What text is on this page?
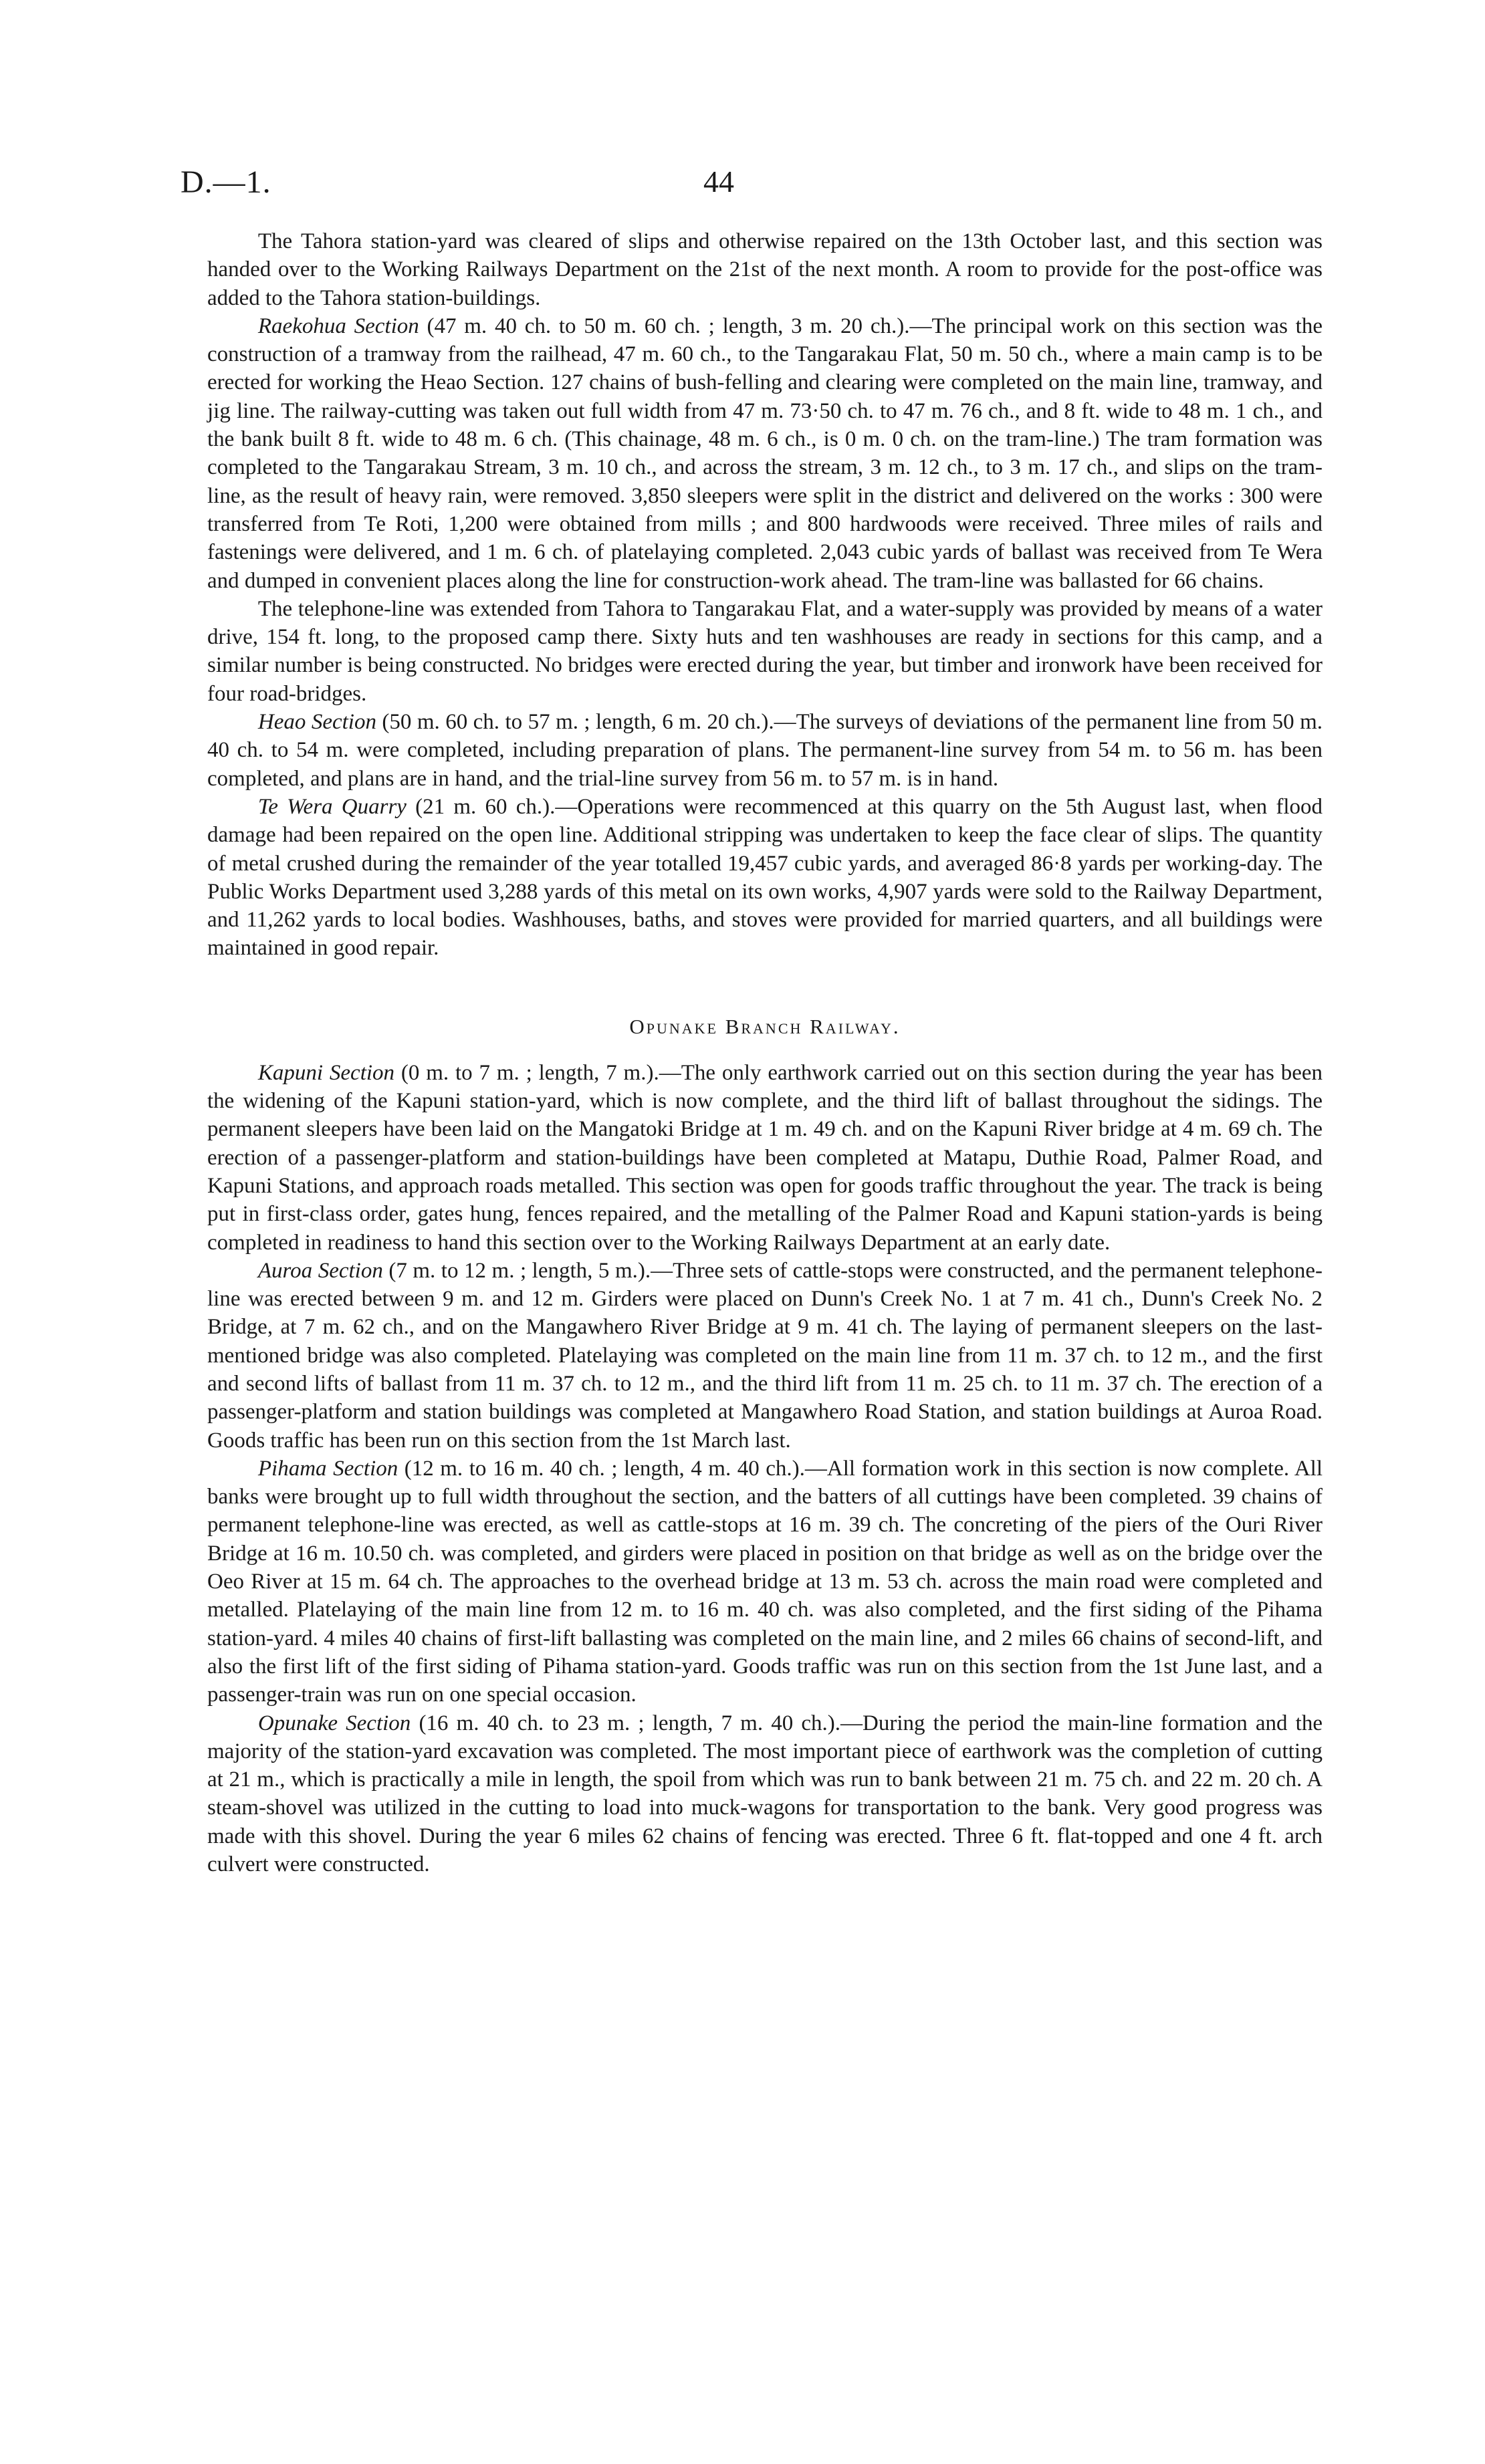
D.—1.	44

The Tahora station-yard was cleared of slips and otherwise repaired on the 13th October last, and this section was handed over to the Working Railways Department on the 21st of the next month. A room to provide for the post-office was added to the Tahora station-buildings.

Raekohua Section (47 m. 40 ch. to 50 m. 60 ch. ; length, 3 m. 20 ch.).—The principal work on this section was the construction of a tramway from the railhead, 47 m. 60 ch., to the Tangarakau Flat, 50 m. 50 ch., where a main camp is to be erected for working the Heao Section. 127 chains of bush-felling and clearing were completed on the main line, tramway, and jig line. The railway-cutting was taken out full width from 47 m. 73·50 ch. to 47 m. 76 ch., and 8 ft. wide to 48 m. 1 ch., and the bank built 8 ft. wide to 48 m. 6 ch. (This chainage, 48 m. 6 ch., is 0 m. 0 ch. on the tram-line.) The tram formation was completed to the Tangarakau Stream, 3 m. 10 ch., and across the stream, 3 m. 12 ch., to 3 m. 17 ch., and slips on the tram-line, as the result of heavy rain, were removed. 3,850 sleepers were split in the district and delivered on the works : 300 were transferred from Te Roti, 1,200 were obtained from mills ; and 800 hardwoods were received. Three miles of rails and fastenings were delivered, and 1 m. 6 ch. of platelaying completed. 2,043 cubic yards of ballast was received from Te Wera and dumped in convenient places along the line for construction-work ahead. The tram-line was ballasted for 66 chains.

The telephone-line was extended from Tahora to Tangarakau Flat, and a water-supply was provided by means of a water drive, 154 ft. long, to the proposed camp there. Sixty huts and ten washhouses are ready in sections for this camp, and a similar number is being constructed. No bridges were erected during the year, but timber and ironwork have been received for four road-bridges.

Heao Section (50 m. 60 ch. to 57 m. ; length, 6 m. 20 ch.).—The surveys of deviations of the permanent line from 50 m. 40 ch. to 54 m. were completed, including preparation of plans. The permanent-line survey from 54 m. to 56 m. has been completed, and plans are in hand, and the trial-line survey from 56 m. to 57 m. is in hand.

Te Wera Quarry (21 m. 60 ch.).—Operations were recommenced at this quarry on the 5th August last, when flood damage had been repaired on the open line. Additional stripping was undertaken to keep the face clear of slips. The quantity of metal crushed during the remainder of the year totalled 19,457 cubic yards, and averaged 86·8 yards per working-day. The Public Works Department used 3,288 yards of this metal on its own works, 4,907 yards were sold to the Railway Department, and 11,262 yards to local bodies. Washhouses, baths, and stoves were provided for married quarters, and all buildings were maintained in good repair.

Opunake Branch Railway.

Kapuni Section (0 m. to 7 m. ; length, 7 m.).—The only earthwork carried out on this section during the year has been the widening of the Kapuni station-yard, which is now complete, and the third lift of ballast throughout the sidings. The permanent sleepers have been laid on the Mangatoki Bridge at 1 m. 49 ch. and on the Kapuni River bridge at 4 m. 69 ch. The erection of a passenger-platform and station-buildings have been completed at Matapu, Duthie Road, Palmer Road, and Kapuni Stations, and approach roads metalled. This section was open for goods traffic throughout the year. The track is being put in first-class order, gates hung, fences repaired, and the metalling of the Palmer Road and Kapuni station-yards is being completed in readiness to hand this section over to the Working Railways Department at an early date.

Auroa Section (7 m. to 12 m. ; length, 5 m.).—Three sets of cattle-stops were constructed, and the permanent telephone-line was erected between 9 m. and 12 m. Girders were placed on Dunn's Creek No. 1 at 7 m. 41 ch., Dunn's Creek No. 2 Bridge, at 7 m. 62 ch., and on the Mangawhero River Bridge at 9 m. 41 ch. The laying of permanent sleepers on the last-mentioned bridge was also completed. Platelaying was completed on the main line from 11 m. 37 ch. to 12 m., and the first and second lifts of ballast from 11 m. 37 ch. to 12 m., and the third lift from 11 m. 25 ch. to 11 m. 37 ch. The erection of a passenger-platform and station buildings was completed at Mangawhero Road Station, and station buildings at Auroa Road. Goods traffic has been run on this section from the 1st March last.

Pihama Section (12 m. to 16 m. 40 ch. ; length, 4 m. 40 ch.).—All formation work in this section is now complete. All banks were brought up to full width throughout the section, and the batters of all cuttings have been completed. 39 chains of permanent telephone-line was erected, as well as cattle-stops at 16 m. 39 ch. The concreting of the piers of the Ouri River Bridge at 16 m. 10.50 ch. was completed, and girders were placed in position on that bridge as well as on the bridge over the Oeo River at 15 m. 64 ch. The approaches to the overhead bridge at 13 m. 53 ch. across the main road were completed and metalled. Platelaying of the main line from 12 m. to 16 m. 40 ch. was also completed, and the first siding of the Pihama station-yard. 4 miles 40 chains of first-lift ballasting was completed on the main line, and 2 miles 66 chains of second-lift, and also the first lift of the first siding of Pihama station-yard. Goods traffic was run on this section from the 1st June last, and a passenger-train was run on one special occasion.

Opunake Section (16 m. 40 ch. to 23 m. ; length, 7 m. 40 ch.).—During the period the main-line formation and the majority of the station-yard excavation was completed. The most important piece of earthwork was the completion of cutting at 21 m., which is practically a mile in length, the spoil from which was run to bank between 21 m. 75 ch. and 22 m. 20 ch. A steam-shovel was utilized in the cutting to load into muck-wagons for transportation to the bank. Very good progress was made with this shovel. During the year 6 miles 62 chains of fencing was erected. Three 6 ft. flat-topped and one 4 ft. arch culvert were constructed.
